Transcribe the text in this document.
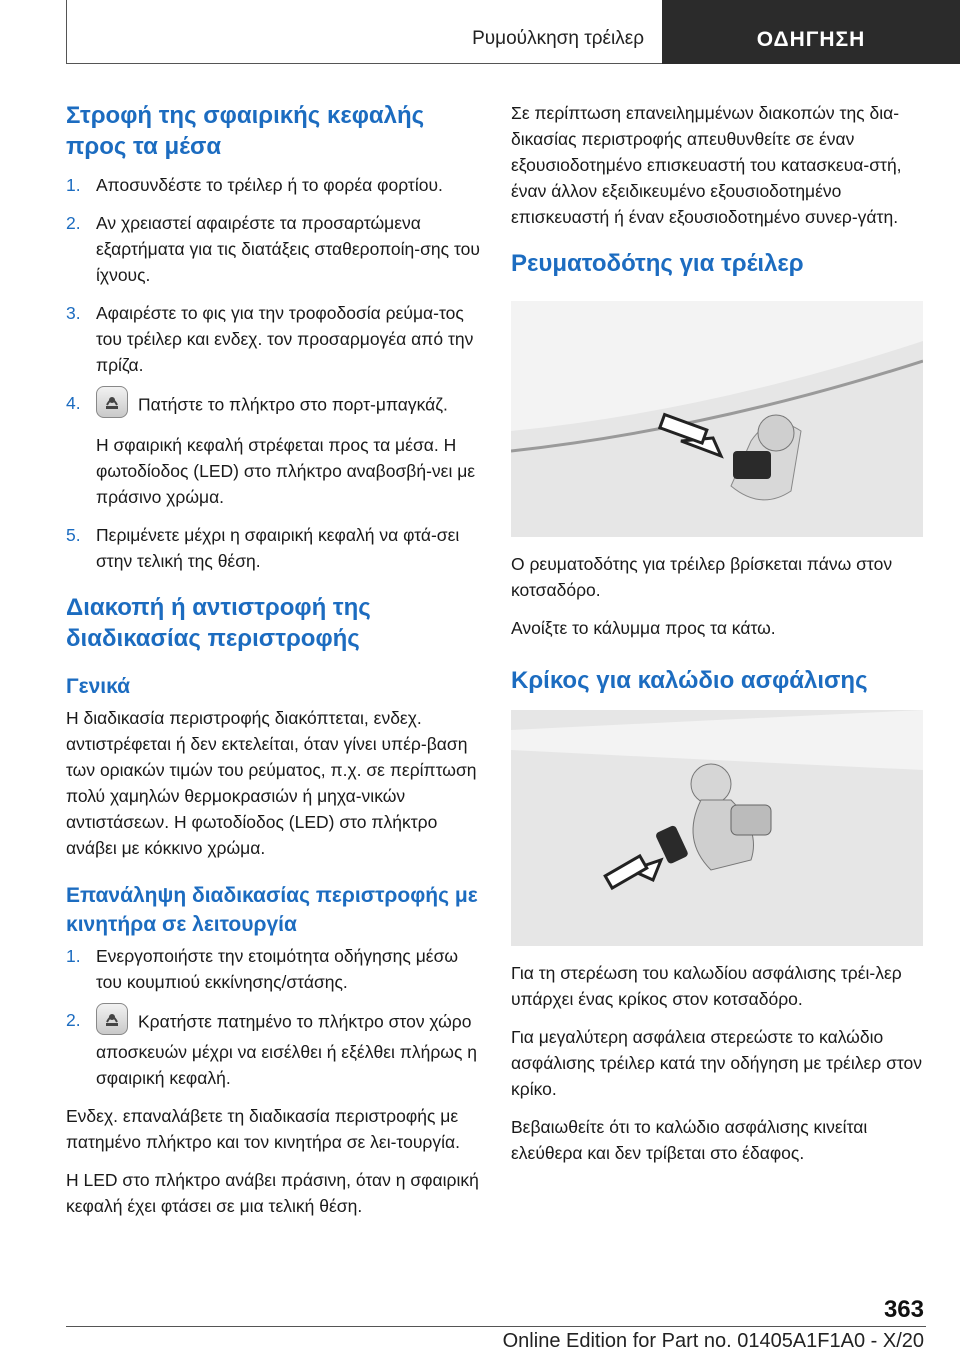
Ρυμούλκηση τρέιλερ	ΟΔΗΓΗΣΗ
Στροφή της σφαιρικής κεφαλής προς τα μέσα
1. Αποσυνδέστε το τρέιλερ ή το φορέα φορτίου.
2. Αν χρειαστεί αφαιρέστε τα προσαρτώμενα εξαρτήματα για τις διατάξεις σταθεροποίη‐σης του ίχνους.
3. Αφαιρέστε το φις για την τροφοδοσία ρεύμα‐τος του τρέιλερ και ενδεχ. τον προσαρμογέα από την πρίζα.
4.	Πατήστε το πλήκτρο στο πορτ-μπαγκάζ.
Η σφαιρική κεφαλή στρέφεται προς τα μέσα. Η φωτοδίοδος (LED) στο πλήκτρο αναβοσβή‐νει με πράσινο χρώμα.
5. Περιμένετε μέχρι η σφαιρική κεφαλή να φτά‐σει στην τελική της θέση.
Διακοπή ή αντιστροφή της διαδικασίας περιστροφής
Γενικά

Η διαδικασία περιστροφής διακόπτεται, ενδεχ. αντιστρέφεται ή δεν εκτελείται, όταν γίνει υπέρ‐βαση των οριακών τιμών του ρεύματος, π.χ. σε περίπτωση πολύ χαμηλών θερμοκρασιών ή μηχα‐νικών αντιστάσεων. Η φωτοδίοδος (LED) στο πλήκτρο ανάβει με κόκκινο χρώμα.

Επανάληψη διαδικασίας περιστροφής με κινητήρα σε λειτουργία
1. Ενεργοποιήστε την ετοιμότητα οδήγησης μέσω του κουμπιού εκκίνησης/στάσης.
2.	Κρατήστε πατημένο το πλήκτρο στον χώρο αποσκευών μέχρι να εισέλθει ή εξέλθει πλήρως η σφαιρική κεφαλή.

Ενδεχ. επαναλάβετε τη διαδικασία περιστροφής με πατημένο πλήκτρο και τον κινητήρα σε λει‐τουργία.

Η LED στο πλήκτρο ανάβει πράσινη, όταν η σφαιρική κεφαλή έχει φτάσει σε μια τελική θέση.

Σε περίπτωση επανειλημμένων διακοπών της δια‐δικασίας περιστροφής απευθυνθείτε σε έναν εξουσιοδοτημένο επισκευαστή του κατασκευα‐στή, έναν άλλον εξειδικευμένο εξουσιοδοτημένο επισκευαστή ή έναν εξουσιοδοτημένο συνερ‐γάτη.

Ρευματοδότης για τρέιλερ

Ο ρευματοδότης για τρέιλερ βρίσκεται πάνω στον κοτσαδόρο.

Ανοίξτε το κάλυμμα προς τα κάτω.

Κρίκος για καλώδιο ασφάλισης

Για τη στερέωση του καλωδίου ασφάλισης τρέι‐λερ υπάρχει ένας κρίκος στον κοτσαδόρο.

Για μεγαλύτερη ασφάλεια στερεώστε το καλώδιο ασφάλισης τρέιλερ κατά την οδήγηση με τρέιλερ στον κρίκο.

Βεβαιωθείτε ότι το καλώδιο ασφάλισης κινείται ελεύθερα και δεν τρίβεται στο έδαφος.

363
Online Edition for Part no. 01405A1F1A0 - X/20
